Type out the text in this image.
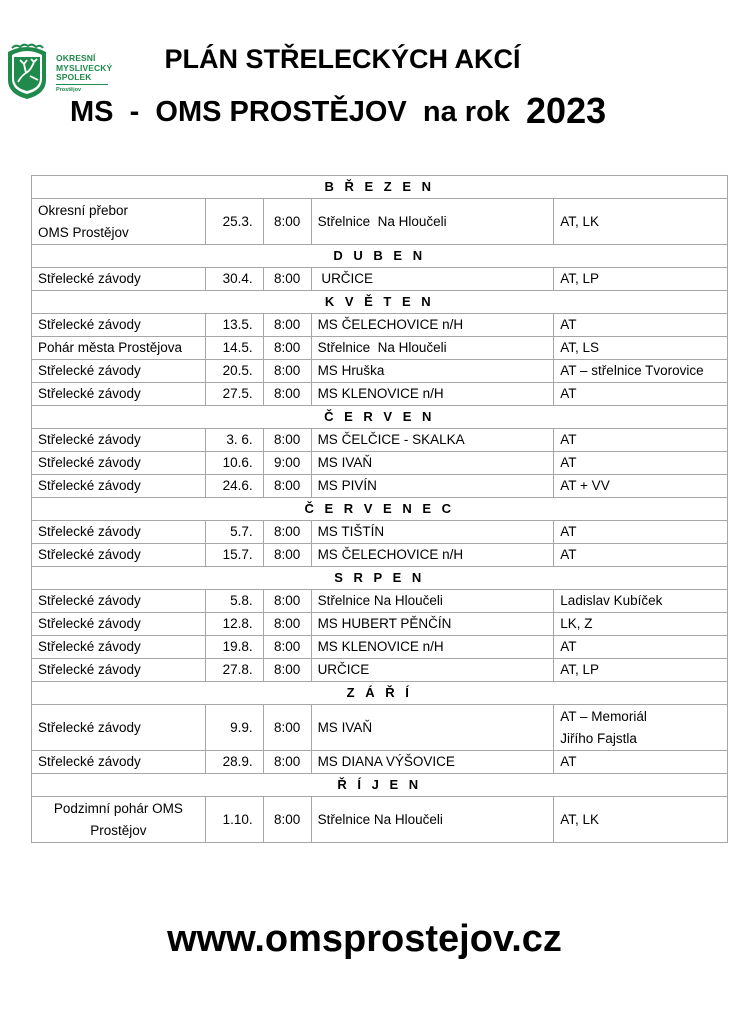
OKRESNÍ
MYSLIVECKÝ
SPOLEK
Prostějov
PLÁN STŘELECKÝCH AKCÍ
MS  -  OMS PROSTĚJOV  na rok  2023
B Ř E Z E N				

Okresní přebor
OMS Prostějov	25.3.	8:00	Střelnice  Na Hloučeli	AT, LK

D U B E N				

Střelecké závody	30.4.	8:00	URČICE	AT, LP

K V Ě T E N				

Střelecké závody	13.5.	8:00	MS ČELECHOVICE n/H	AT

Pohár města Prostějova	14.5.	8:00	Střelnice  Na Hloučeli	AT, LS

Střelecké závody	20.5.	8:00	MS Hruška	AT – střelnice Tvorovice

Střelecké závody	27.5.	8:00	MS KLENOVICE n/H	AT

Č E R V E N				

Střelecké závody	3. 6.	8:00	MS ČELČICE - SKALKA	AT

Střelecké závody	10.6.	9:00	MS IVAŇ	AT

Střelecké závody	24.6.	8:00	MS PIVÍN	AT + VV

Č E R V E N E C				

Střelecké závody	5.7.	8:00	MS TIŠTÍN	AT

Střelecké závody	15.7.	8:00	MS ČELECHOVICE n/H	AT

S R P E N				

Střelecké závody	5.8.	8:00	Střelnice Na Hloučeli	Ladislav Kubíček

Střelecké závody	12.8.	8:00	MS HUBERT PĚNČÍN	LK, Z

Střelecké závody	19.8.	8:00	MS KLENOVICE n/H	AT

Střelecké závody	27.8.	8:00	URČICE	AT, LP

Z Á Ř Í				

Střelecké závody	9.9.	8:00	MS IVAŇ	AT – Memoriál
Jiřího Fajstla

Střelecké závody	28.9.	8:00	MS DIANA VÝŠOVICE	AT

Ř Í J E N				

Podzimní pohár OMS
Prostějov	1.10.	8:00	Střelnice Na Hloučeli	AT, LK
www.omsprostejov.cz
